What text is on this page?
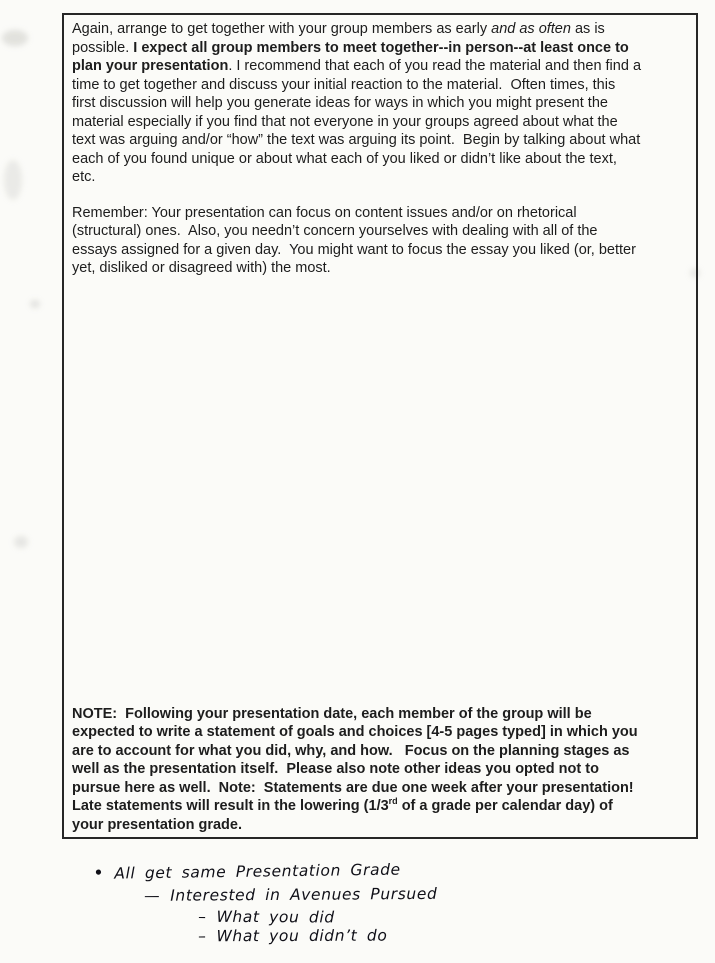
Again, arrange to get together with your group members as early and as often as is
possible. I expect all group members to meet together--in person--at least once to
plan your presentation. I recommend that each of you read the material and then find a
time to get together and discuss your initial reaction to the material.  Often times, this
first discussion will help you generate ideas for ways in which you might present the
material especially if you find that not everyone in your groups agreed about what the
text was arguing and/or “how” the text was arguing its point.  Begin by talking about what
each of you found unique or about what each of you liked or didn’t like about the text,
etc.
Remember: Your presentation can focus on content issues and/or on rhetorical
(structural) ones.  Also, you needn’t concern yourselves with dealing with all of the
essays assigned for a given day.  You might want to focus the essay you liked (or, better
yet, disliked or disagreed with) the most.
NOTE:  Following your presentation date, each member of the group will be
expected to write a statement of goals and choices [4-5 pages typed] in which you
are to account for what you did, why, and how.   Focus on the planning stages as
well as the presentation itself.  Please also note other ideas you opted not to
pursue here as well.  Note:  Statements are due one week after your presentation!
Late statements will result in the lowering (1/3rd of a grade per calendar day) of
your presentation grade.

• All get same Presentation Grade

— Interested in Avenues Pursued

– What you did

– What you didn’t do
